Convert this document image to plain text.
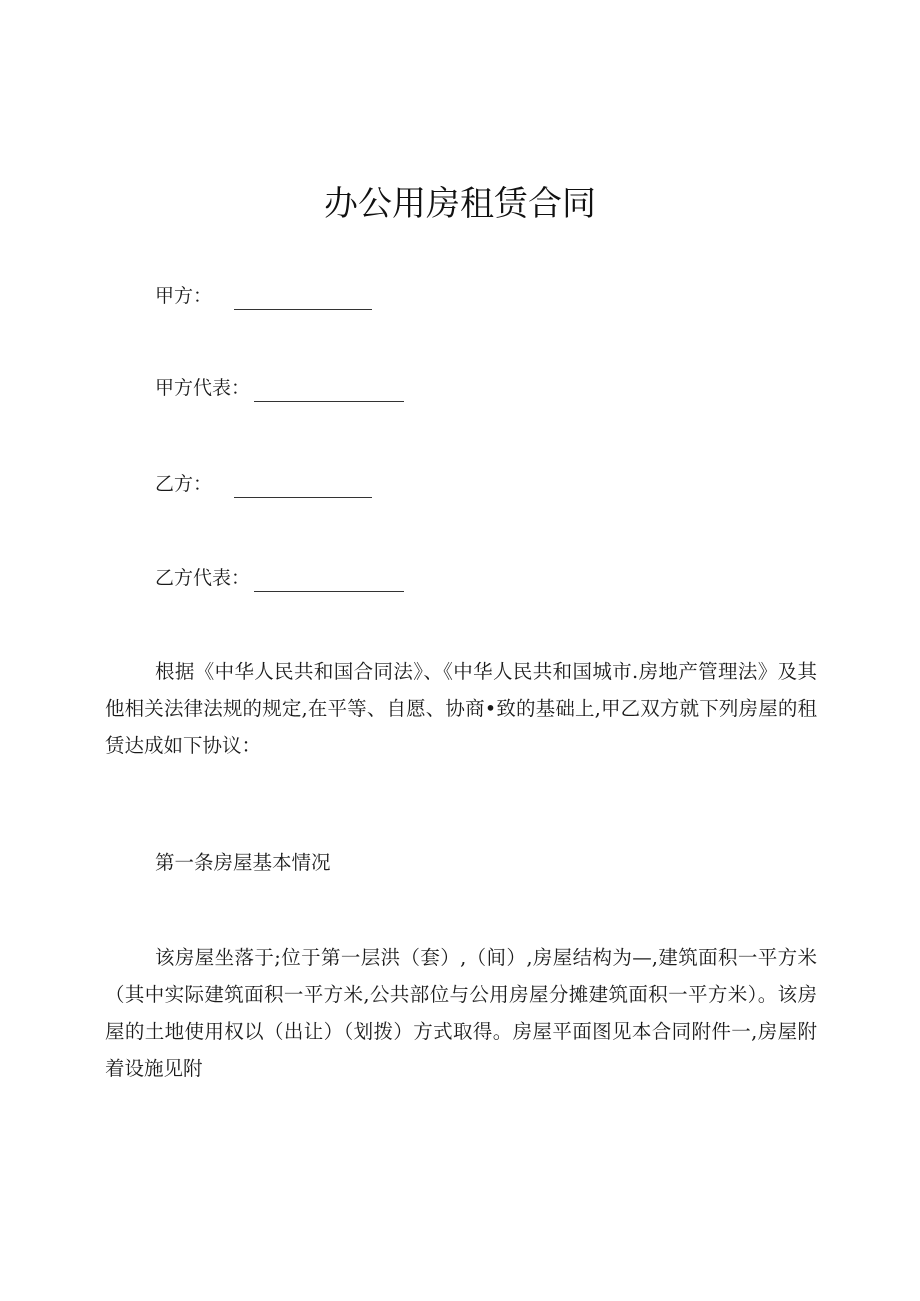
办公用房租赁合同
甲方：
甲方代表：
乙方：
乙方代表：

根据《中华人民共和国合同法》、《中华人民共和国城市.房地产管理法》及其他相关法律法规的规定,在平等、自愿、协商•致的基础上,甲乙双方就下列房屋的租赁达成如下协议：

第一条房屋基本情况

该房屋坐落于;位于第一层洪（套）,（间）,房屋结构为—,建筑面积一平方米（其中实际建筑面积一平方米,公共部位与公用房屋分摊建筑面积一平方米）。该房屋的土地使用权以（出让）（划拨）方式取得。房屋平面图见本合同附件一,房屋附着设施见附
